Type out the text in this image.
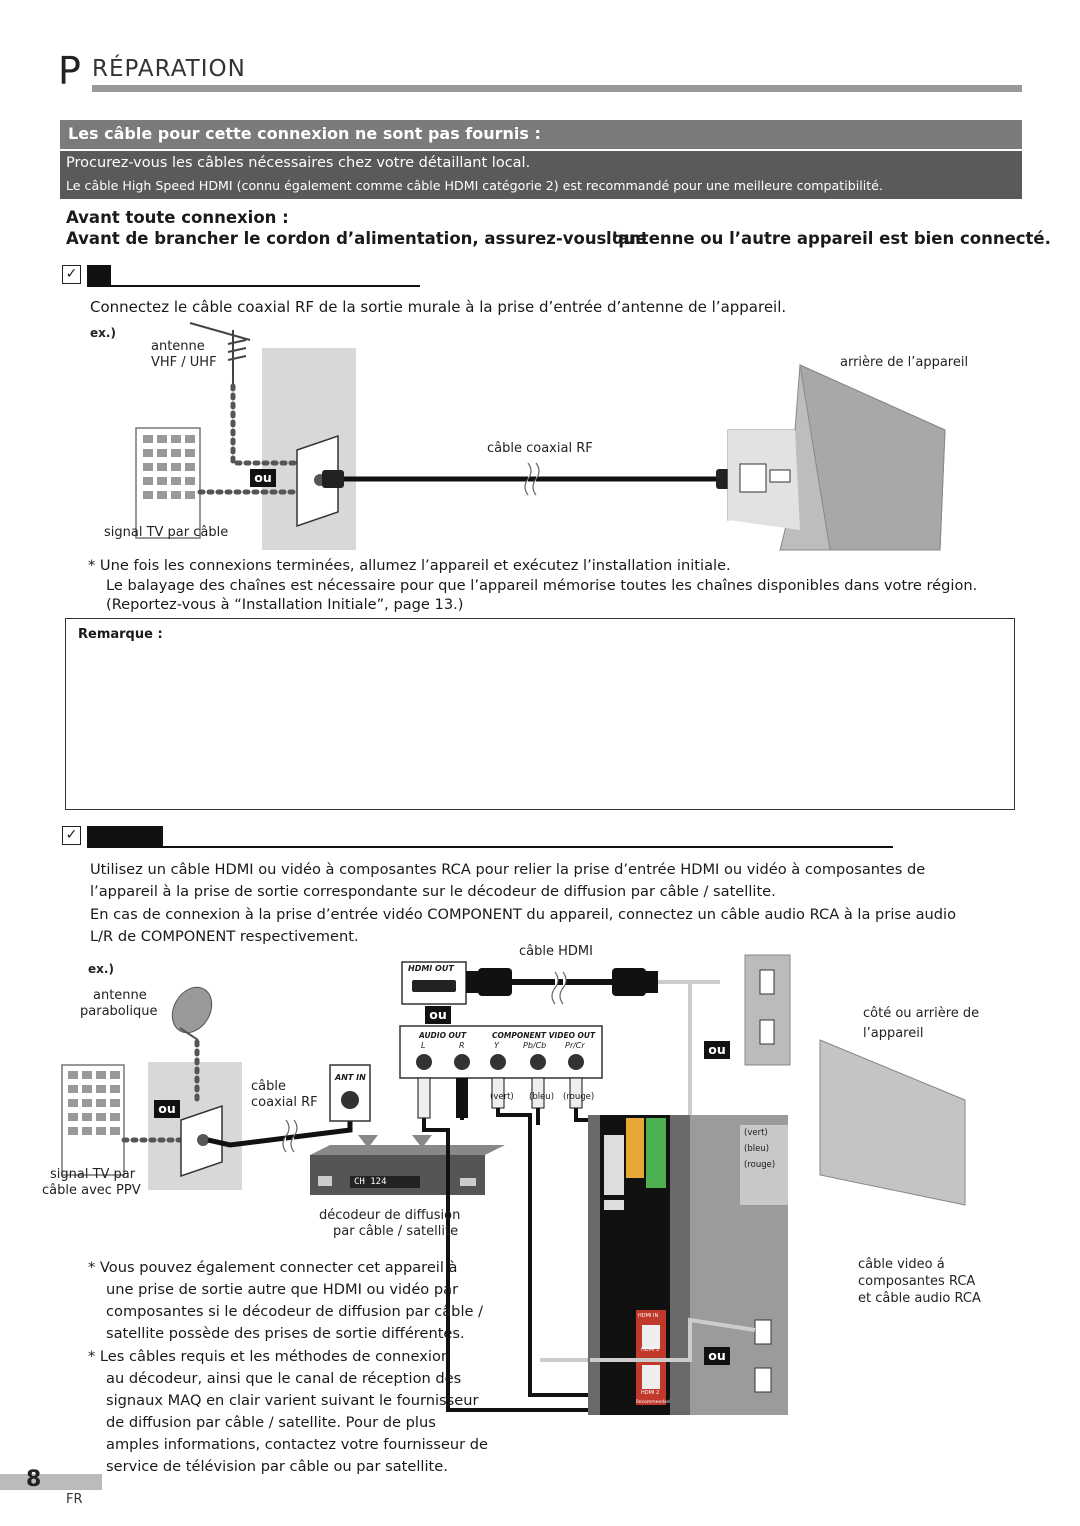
P RÉPARATION
Les câble pour cette connexion ne sont pas fournis :
Procurez-vous les câbles nécessaires chez votre détaillant local.
Le câble High Speed HDMI (connu également comme câble HDMI catégorie 2) est recommandé pour une meilleure compatibilité.
Avant toute connexion :
Avant de brancher le cordon d’alimentation, assurez-vous que
l’antenne ou l’autre appareil est bien connecté.
✓
Connectez le câble coaxial RF de la sortie murale à la prise d’entrée d’antenne de l’appareil.
ex.)
antenne
VHF / UHF	arrière de l’appareil
câble coaxial RF
ou
signal TV par câble
* Une fois les connexions terminées, allumez l’appareil et exécutez l’installation initiale.
Le balayage des chaînes est nécessaire pour que l’appareil mémorise toutes les chaînes disponibles dans votre région.
(Reportez-vous à “Installation Initiale”, page 13.)
Remarque :
✓
Utilisez un câble HDMI ou vidéo à composantes RCA pour relier la prise d’entrée HDMI ou vidéo à composantes de
l’appareil à la prise de sortie correspondante sur le décodeur de diffusion par câble / satellite.
En cas de connexion à la prise d’entrée vidéo COMPONENT du appareil, connectez un câble audio RCA à la prise audio
L/R de COMPONENT respectivement.
ex.)
câble HDMI
HDMI OUT
ou
AUDIO OUT	COMPONENT VIDEO OUT
L	R	Y	Pb/Cb Pr/Cr
(vert) (bleu) (rouge)
ANT IN
antenne
parabolique
câble
coaxial RF
ou
signal TV par
câble avec PPV
CH 124
décodeur de diffusion
par câble / satellite
ou
côté ou arrière de
l’appareil
(vert)
(bleu)
(rouge)
HDMI IN
HDMI 1
HDMI 2
Recommended
ou
câble video á
composantes RCA
et câble audio RCA
* Vous pouvez également connecter cet appareil à
une prise de sortie autre que HDMI ou vidéo par
composantes si le décodeur de diffusion par câble /
satellite possède des prises de sortie différentes.
* Les câbles requis et les méthodes de connexion
au décodeur, ainsi que le canal de réception des
signaux MAQ en clair varient suivant le fournisseur
de diffusion par câble / satellite. Pour de plus
amples informations, contactez votre fournisseur de
service de télévision par câble ou par satellite.
8
FR
